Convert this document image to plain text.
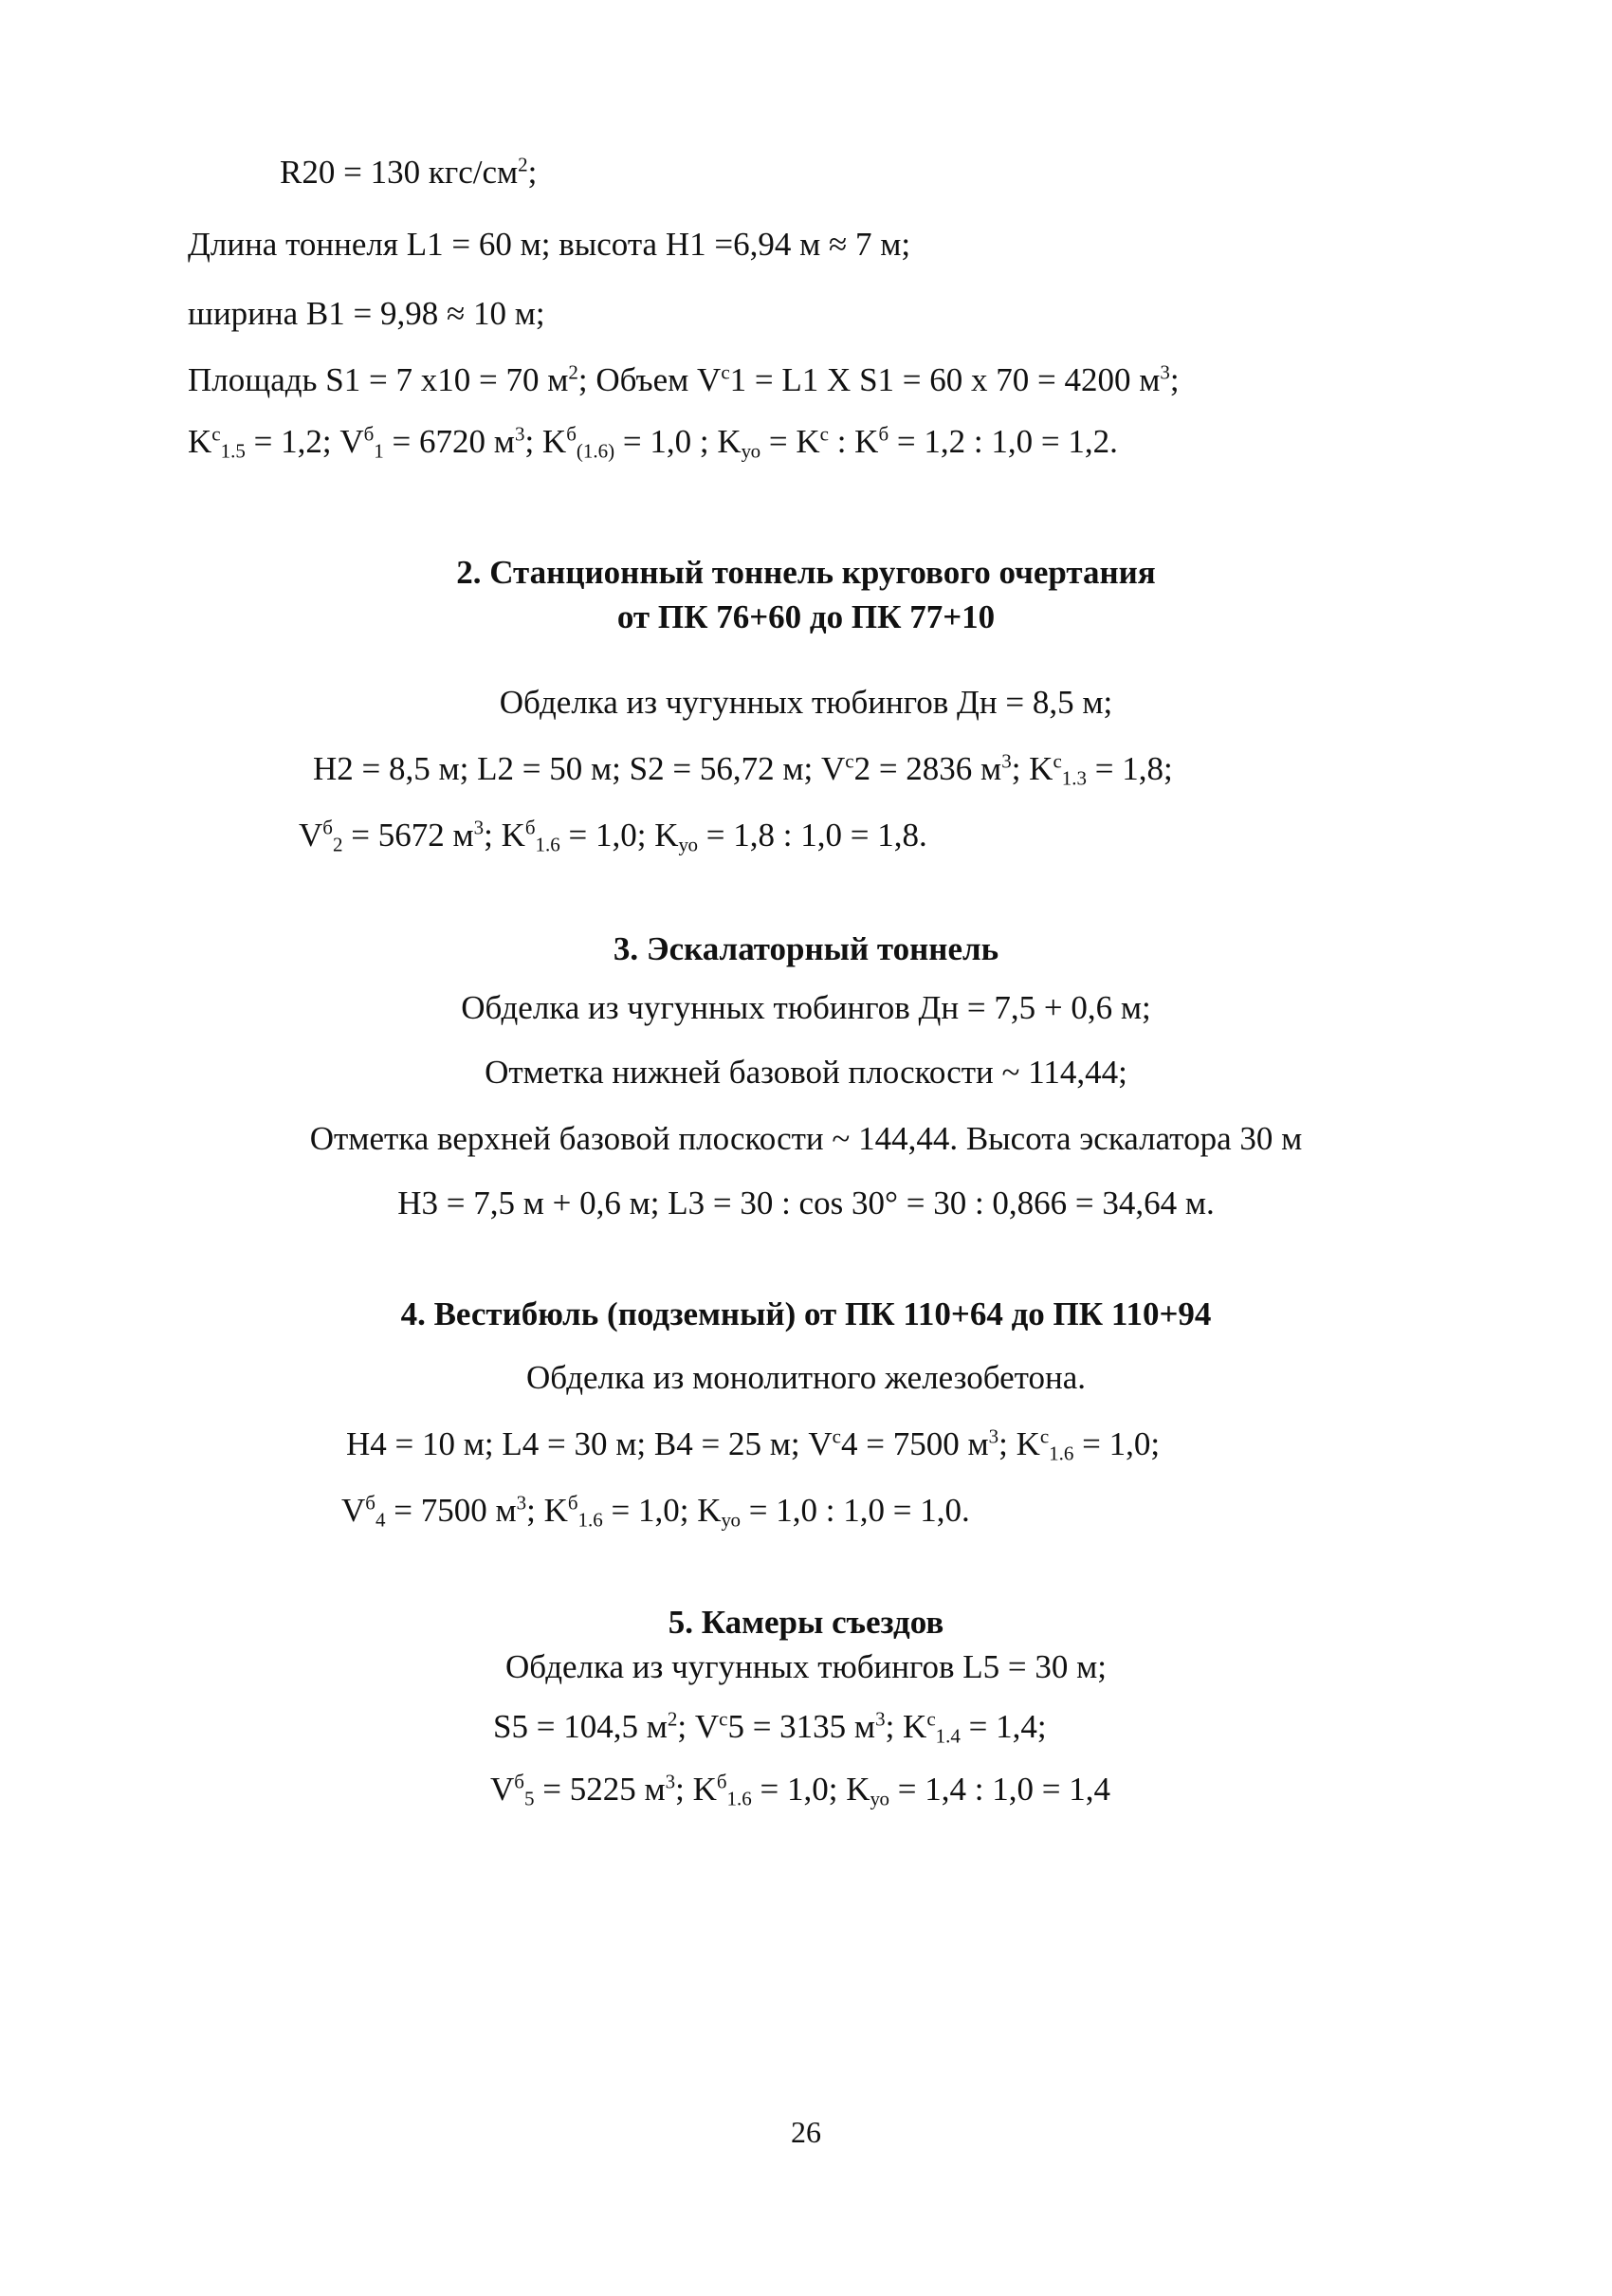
R20 = 130 кгс/$см^2$;
Длина тоннеля L1 = 60 м; высота H1 =6,94 м ≈ 7 м;
ширина B1 = 9,98 ≈ 10 м;
Площадь S1 = 7 х10 = 70 $м^2$; Объем $V^с1 = L1$ X S1 = 60 х 70 = 4200 $м^3$;
$K^с_{1.5} = 1,2$; $V^б_1 = 6720$ $м^3$; $K^б_{(1.6)} = 1,0$ ; $K_{уо} = K^с$ : $K^б = 1,2$ : 1,0 = 1,2.
2. Станционный тоннель кругового очертания
от ПК 76+60 до ПК 77+10
Обделка из чугунных тюбингов Дн = 8,5 м;
H2 = 8,5 м; L2 = 50 м; S2 = 56,72 м; $V^с2 = 2836$ $м^3$; $K^с_{1.3} = 1,8$;
$V^б_2 = 5672$ $м^3$; $K^б_{1.6} = 1,0$; $K_{уо} = 1,8$ : 1,0 = 1,8.
3. Эскалаторный тоннель
Обделка из чугунных тюбингов Дн = 7,5 + 0,6 м;
Отметка нижней базовой плоскости ~ 114,44;
Отметка верхней базовой плоскости ~ 144,44. Высота эскалатора 30 м
H3 = 7,5 м + 0,6 м; L3 = 30 : cos 30° = 30 : 0,866 = 34,64 м.
4. Вестибюль (подземный) от ПК 110+64 до ПК 110+94
Обделка из монолитного железобетона.
H4 = 10 м; L4 = 30 м; B4 = 25 м; $V^с4 = 7500$ $м^3$; $K^с_{1.6} = 1,0$;
$V^б_4 = 7500$ $м^3$; $K^б_{1.6} = 1,0$; $K_{уо} = 1,0$ : 1,0 = 1,0.
5. Камеры съездов
Обделка из чугунных тюбингов L5 = 30 м;
S5 = 104,5 $м^2$; $V^с5 = 3135$ $м^3$; $K^с_{1.4} = 1,4$;
$V^б_5 = 5225$ $м^3$; $K^б_{1.6} = 1,0$; $K_{уо} = 1,4$ : 1,0 = 1,4
26
